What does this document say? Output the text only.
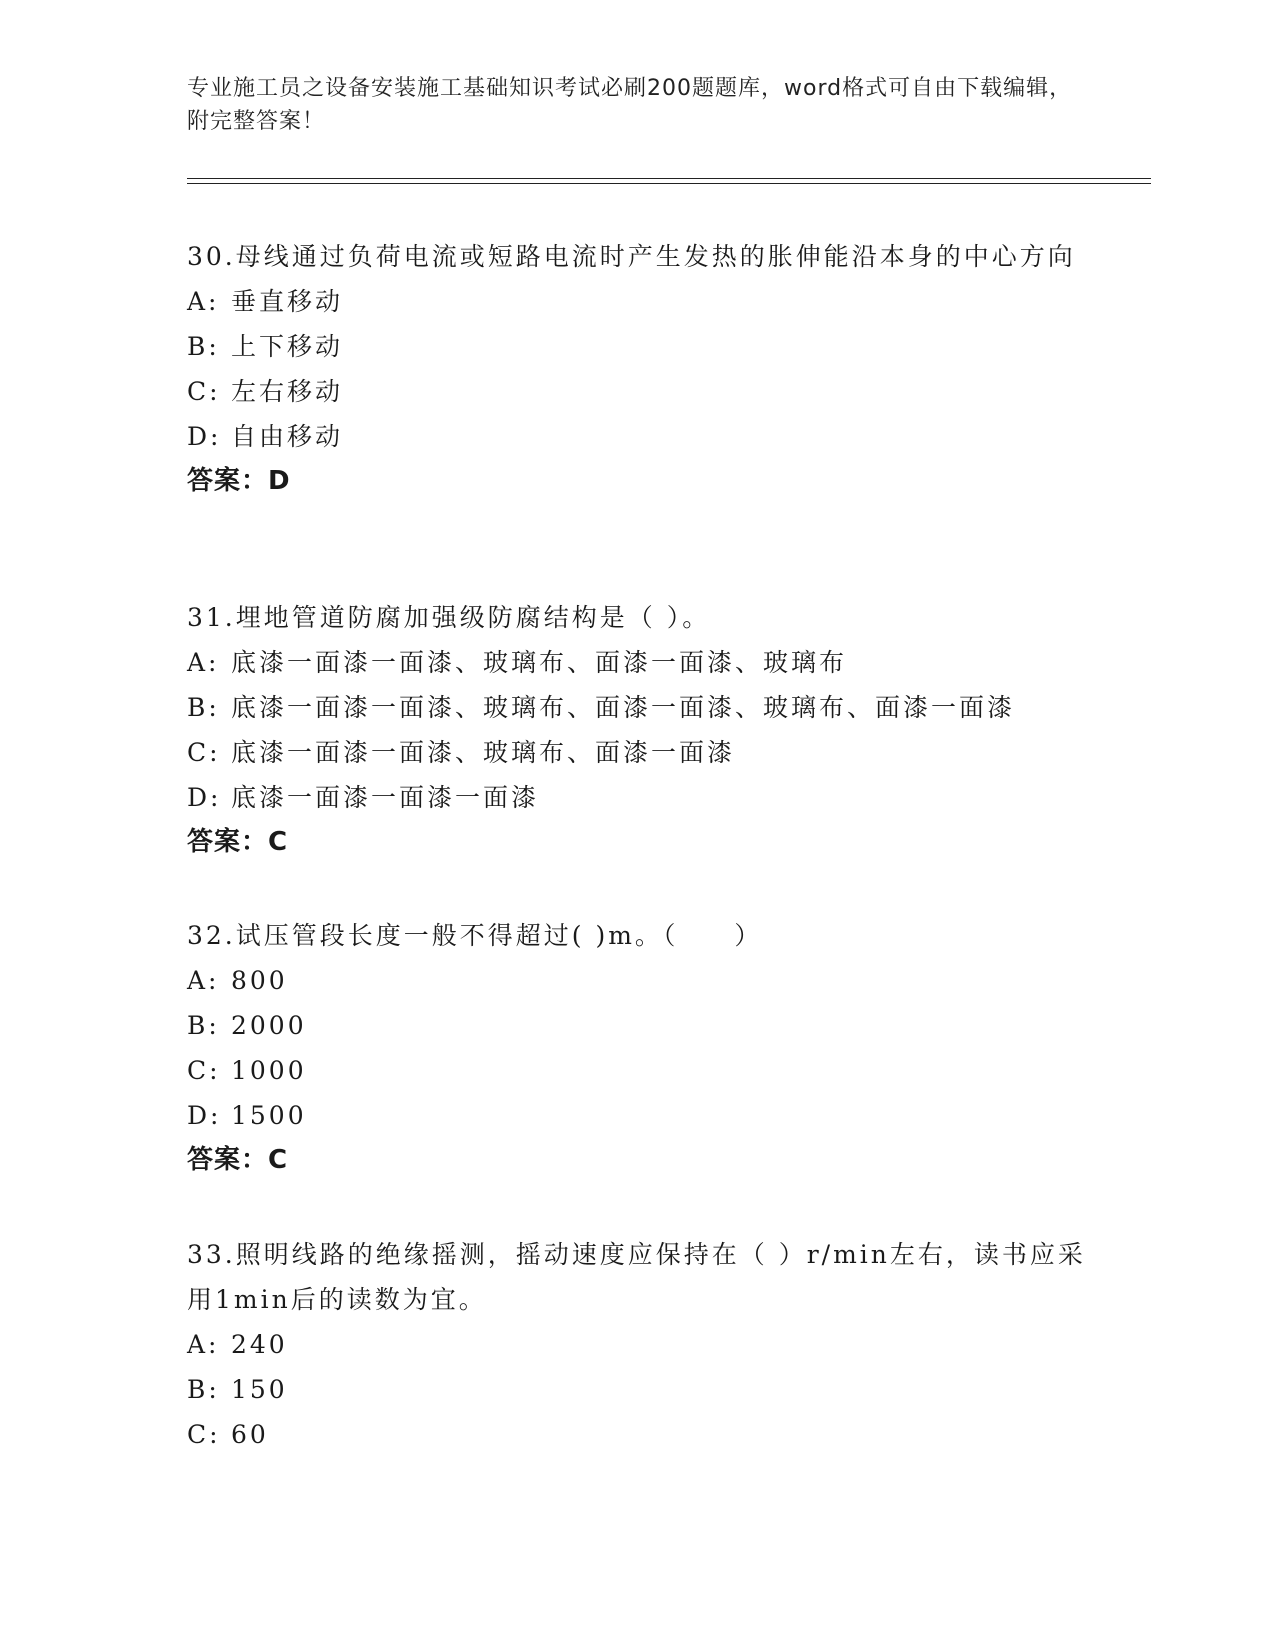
专业施工员之设备安装施工基础知识考试必刷200题题库，word格式可自由下载编辑，附完整答案！

30.母线通过负荷电流或短路电流时产生发热的胀伸能沿本身的中心方向

A: 垂直移动

B: 上下移动

C: 左右移动

D: 自由移动

答案：D

31.埋地管道防腐加强级防腐结构是（ ）。

A: 底漆一面漆一面漆、玻璃布、面漆一面漆、玻璃布

B: 底漆一面漆一面漆、玻璃布、面漆一面漆、玻璃布、面漆一面漆

C: 底漆一面漆一面漆、玻璃布、面漆一面漆

D: 底漆一面漆一面漆一面漆

答案：C

32.试压管段长度一般不得超过( )m。（　　）

A: 800

B: 2000

C: 1000

D: 1500

答案：C

33.照明线路的绝缘摇测，摇动速度应保持在（ ）r/min左右，读书应采用1min后的读数为宜。

A: 240

B: 150

C: 60
